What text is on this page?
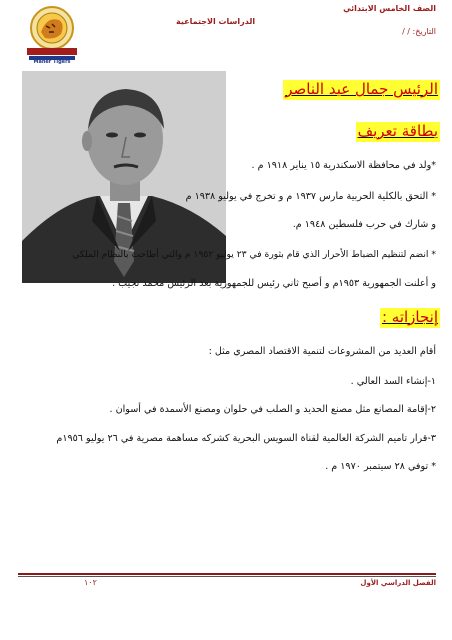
الصف الخامس الابتدائي
الدراسات الاجتماعية
التاريخ: / /
Maher Tigers
الرئيس جمال عبد الناصر
بطاقة تعريف
*ولد في محافظة الاسكندرية ١٥ يناير ١٩١٨ م .
* التحق بالكلية الحربية مارس ١٩٣٧ م و تخرج في يوليو ١٩٣٨ م
و شارك في حرب فلسطين ١٩٤٨ م.
* انضم لتنظيم الضباط الأحرار الذي قام بثورة في ٢٣ يوليو ١٩٥٢ م والتي أطاحت بالنظام الملكي
و أعلنت الجمهورية ١٩٥٣م و أصبح ثاني رئيس للجمهورية بعد الرئيس محمد نجيب .
إنجازاته :
أقام العديد من المشروعات لتنمية الاقتصاد المصري مثل :
١-إنشاء السد العالي .
٢-إقامة المصانع مثل مصنع الحديد و الصلب في حلوان ومصنع الأسمدة في أسوان .
٣-قرار تاميم الشركة العالمية لقناة السويس البحرية كشركه مساهمة مصرية في ٢٦ يوليو ١٩٥٦م
* توفي ٢٨ سيتمبر ١٩٧٠ م .
الفصل الدراسي الأول
١٠٢
